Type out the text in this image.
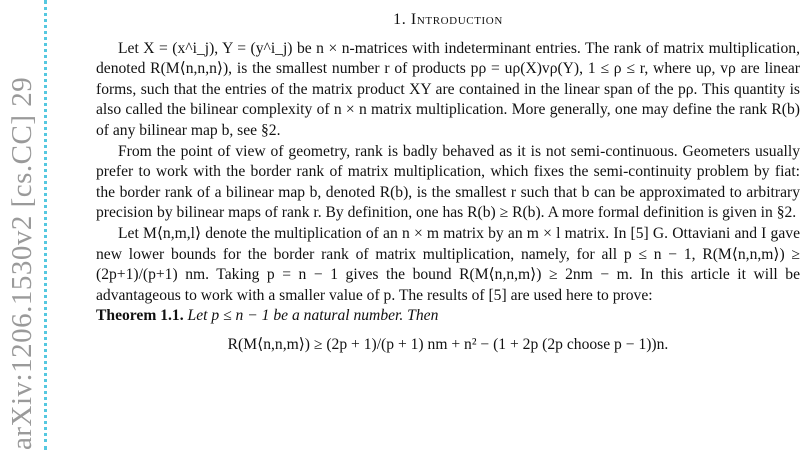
arXiv:1206.1530v2 [cs.CC] 29
1. Introduction

Let X = (x^i_j), Y = (y^i_j) be n × n-matrices with indeterminant entries. The rank of matrix multiplication, denoted R(M⟨n,n,n⟩), is the smallest number r of products pρ = uρ(X)vρ(Y), 1 ≤ ρ ≤ r, where uρ, vρ are linear forms, such that the entries of the matrix product XY are contained in the linear span of the pρ. This quantity is also called the bilinear complexity of n × n matrix multiplication. More generally, one may define the rank R(b) of any bilinear map b, see §2.

From the point of view of geometry, rank is badly behaved as it is not semi-continuous. Geometers usually prefer to work with the border rank of matrix multiplication, which fixes the semi-continuity problem by fiat: the border rank of a bilinear map b, denoted R(b), is the smallest r such that b can be approximated to arbitrary precision by bilinear maps of rank r. By definition, one has R(b) ≥ R(b). A more formal definition is given in §2.

Let M⟨n,m,l⟩ denote the multiplication of an n × m matrix by an m × l matrix. In [5] G. Ottaviani and I gave new lower bounds for the border rank of matrix multiplication, namely, for all p ≤ n − 1, R(M⟨n,n,m⟩) ≥ (2p+1)/(p+1) nm. Taking p = n − 1 gives the bound R(M⟨n,n,m⟩) ≥ 2nm − m. In this article it will be advantageous to work with a smaller value of p. The results of [5] are used here to prove:

Theorem 1.1. Let p ≤ n − 1 be a natural number. Then

R(M⟨n,n,m⟩) ≥ (2p + 1)/(p + 1) nm + n² − (1 + 2p (2p choose p − 1))n.
